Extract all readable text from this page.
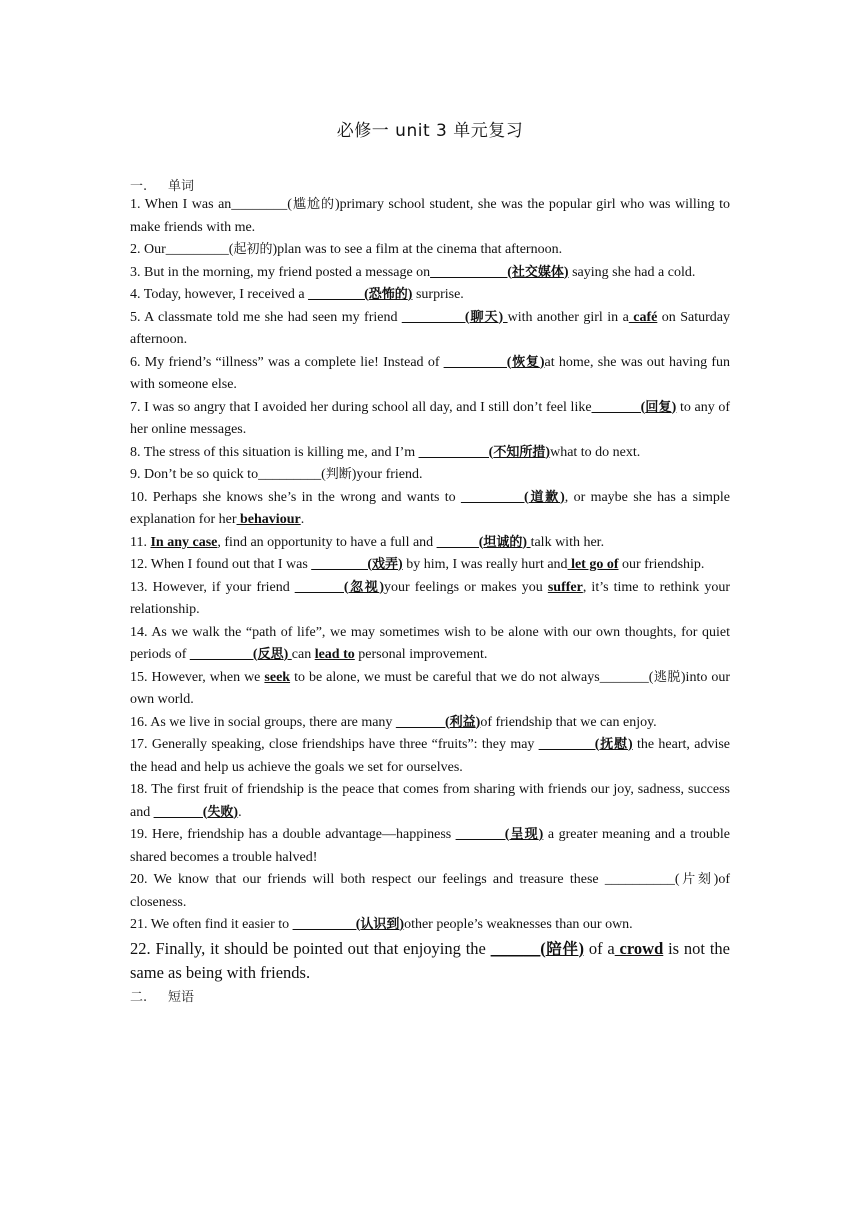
必修一 unit 3 单元复习
一. 单词

1. When I was an________(尴尬的)primary school student, she was the popular girl who was willing to make friends with me.

2. Our_________(起初的)plan was to see a film at the cinema that afternoon.

3. But in the morning, my friend posted a message on___________(社交媒体) saying she had a cold.

4. Today, however, I received a ________(恐怖的) surprise.

5. A classmate told me she had seen my friend _________(聊天) with another girl in a café on Saturday afternoon.

6. My friend’s “illness” was a complete lie! Instead of _________(恢复)at home, she was out having fun with someone else.

7. I was so angry that I avoided her during school all day, and I still don’t feel like_______(回复) to any of her online messages.

8. The stress of this situation is killing me, and I’m __________(不知所措)what to do next.

9. Don’t be so quick to_________(判断)your friend.

10. Perhaps she knows she’s in the wrong and wants to _________(道歉), or maybe she has a simple explanation for her behaviour.

11. In any case, find an opportunity to have a full and ______(坦诚的) talk with her.

12. When I found out that I was ________(戏弄) by him, I was really hurt and let go of our friendship.

13. However, if your friend _______(忽视)your feelings or makes you suffer, it’s time to rethink your relationship.

14. As we walk the “path of life”, we may sometimes wish to be alone with our own thoughts, for quiet periods of _________(反思) can lead to personal improvement.

15. However, when we seek to be alone, we must be careful that we do not always_______(逃脱)into our own world.

16. As we live in social groups, there are many _______(利益)of friendship that we can enjoy.

17. Generally speaking, close friendships have three “fruits”: they may ________(抚慰) the heart, advise the head and help us achieve the goals we set for ourselves.

18. The first fruit of friendship is the peace that comes from sharing with friends our joy, sadness, success and _______(失败).

19. Here, friendship has a double advantage—happiness _______(呈现) a greater meaning and a trouble shared becomes a trouble halved!

20. We know that our friends will both respect our feelings and treasure these __________(片刻)of closeness.

21. We often find it easier to _________(认识到)other people’s weaknesses than our own.

22. Finally, it should be pointed out that enjoying the ______(陪伴) of a crowd is not the same as being with friends.

二. 短语
